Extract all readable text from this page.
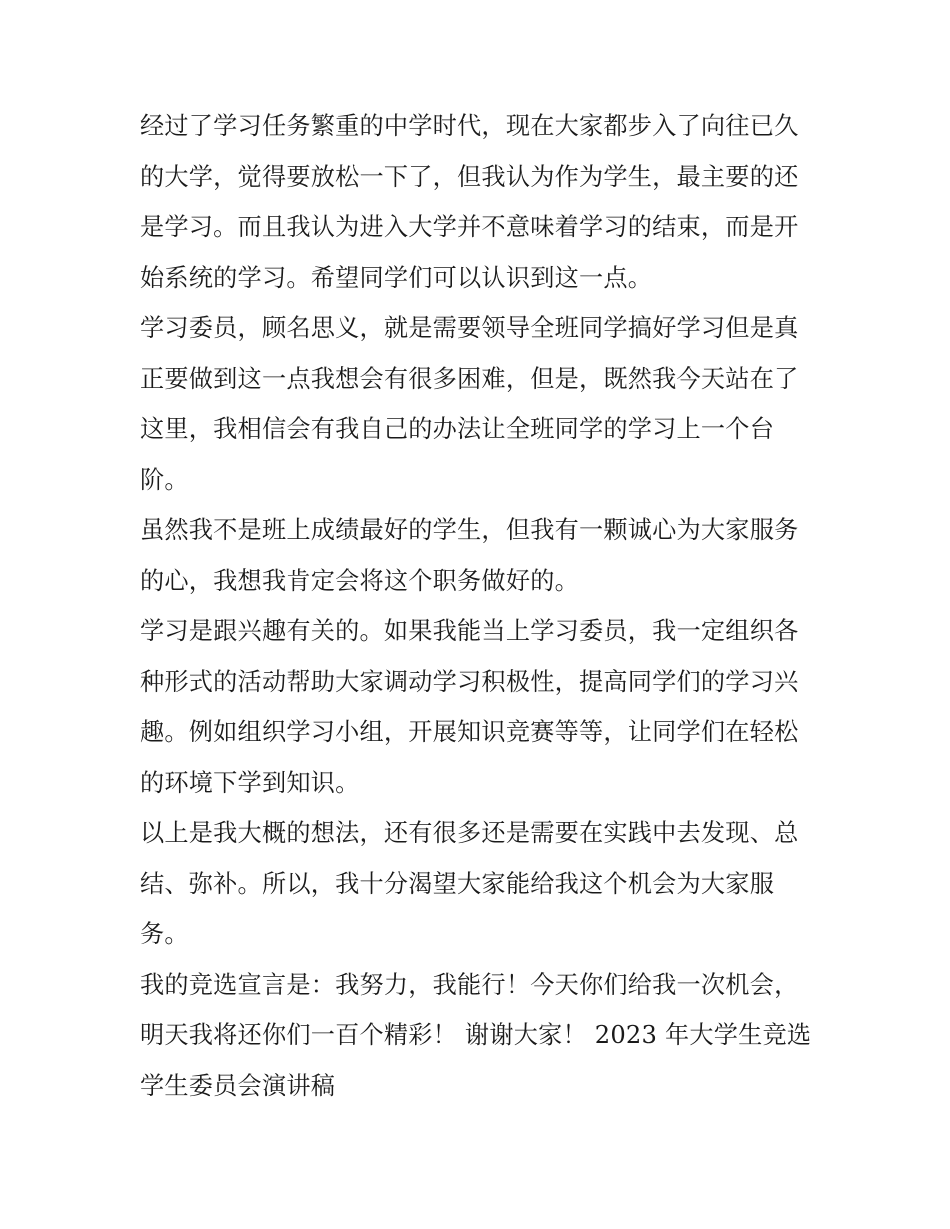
经过了学习任务繁重的中学时代，现在大家都步入了向往已久
的大学，觉得要放松一下了，但我认为作为学生，最主要的还
是学习。而且我认为进入大学并不意味着学习的结束，而是开
始系统的学习。希望同学们可以认识到这一点。
学习委员，顾名思义，就是需要领导全班同学搞好学习但是真
正要做到这一点我想会有很多困难，但是，既然我今天站在了
这里，我相信会有我自己的办法让全班同学的学习上一个台
阶。
虽然我不是班上成绩最好的学生，但我有一颗诚心为大家服务
的心，我想我肯定会将这个职务做好的。
学习是跟兴趣有关的。如果我能当上学习委员，我一定组织各
种形式的活动帮助大家调动学习积极性，提高同学们的学习兴
趣。例如组织学习小组，开展知识竞赛等等，让同学们在轻松
的环境下学到知识。
以上是我大概的想法，还有很多还是需要在实践中去发现、总
结、弥补。所以，我十分渴望大家能给我这个机会为大家服
务。
我的竞选宣言是：我努力，我能行！今天你们给我一次机会，
明天我将还你们一百个精彩！ 谢谢大家！ 2023 年大学生竞选
学生委员会演讲稿
